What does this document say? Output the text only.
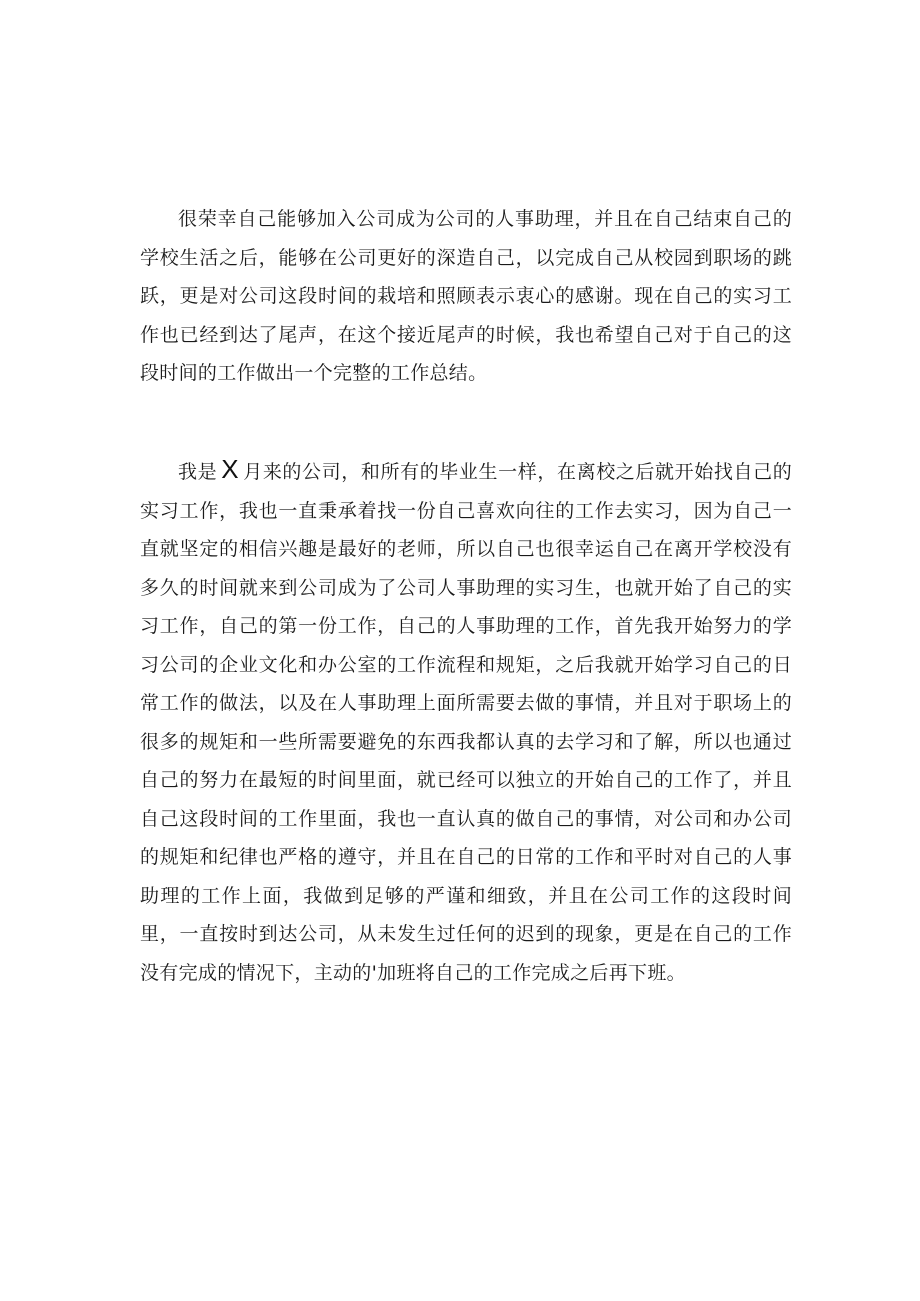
很荣幸自己能够加入公司成为公司的人事助理，并且在自己结束自己的学校生活之后，能够在公司更好的深造自己，以完成自己从校园到职场的跳跃，更是对公司这段时间的栽培和照顾表示衷心的感谢。现在自己的实习工作也已经到达了尾声，在这个接近尾声的时候，我也希望自己对于自己的这段时间的工作做出一个完整的工作总结。

我是 X 月来的公司，和所有的毕业生一样，在离校之后就开始找自己的实习工作，我也一直秉承着找一份自己喜欢向往的工作去实习，因为自己一直就坚定的相信兴趣是最好的老师，所以自己也很幸运自己在离开学校没有多久的时间就来到公司成为了公司人事助理的实习生，也就开始了自己的实习工作，自己的第一份工作，自己的人事助理的工作，首先我开始努力的学习公司的企业文化和办公室的工作流程和规矩，之后我就开始学习自己的日常工作的做法，以及在人事助理上面所需要去做的事情，并且对于职场上的很多的规矩和一些所需要避免的东西我都认真的去学习和了解，所以也通过自己的努力在最短的时间里面，就已经可以独立的开始自己的工作了，并且自己这段时间的工作里面，我也一直认真的做自己的事情，对公司和办公司的规矩和纪律也严格的遵守，并且在自己的日常的工作和平时对自己的人事助理的工作上面，我做到足够的严谨和细致，并且在公司工作的这段时间里，一直按时到达公司，从未发生过任何的迟到的现象，更是在自己的工作没有完成的情况下，主动的'加班将自己的工作完成之后再下班。
